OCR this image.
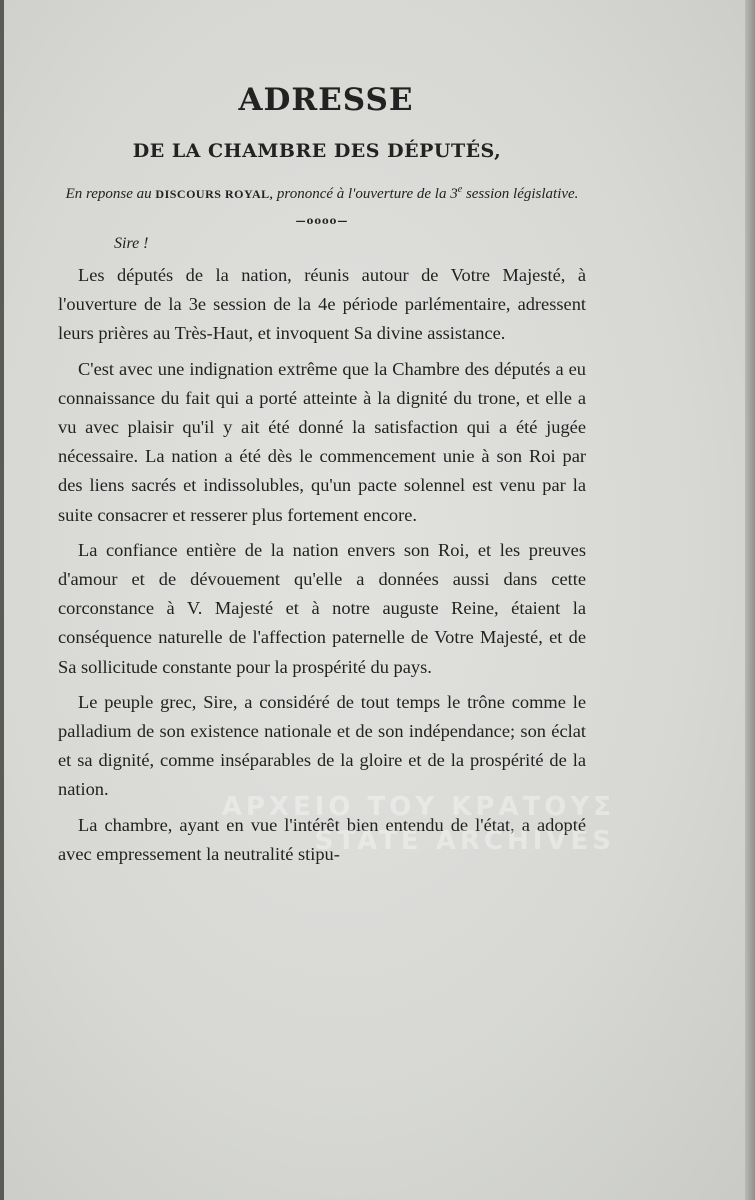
ADRESSE
DE LA CHAMBRE DES DÉPUTÉS,
En reponse au DISCOURS ROYAL, prononcé à l'ouverture de la 3e session législative.
—oooo—
Sire !

Les députés de la nation, réunis autour de Votre Majesté, à l'ouverture de la 3e session de la 4e période parlémentaire, adressent leurs prières au Très-Haut, et invoquent Sa divine assistance.

C'est avec une indignation extrême que la Chambre des députés a eu connaissance du fait qui a porté atteinte à la dignité du trone, et elle a vu avec plaisir qu'il y ait été donné la satisfaction qui a été jugée nécessaire. La nation a été dès le commencement unie à son Roi par des liens sacrés et indissolubles, qu'un pacte solennel est venu par la suite consacrer et resserer plus fortement encore.

La confiance entière de la nation envers son Roi, et les preuves d'amour et de dévouement qu'elle a données aussi dans cette corconstance à V. Majesté et à notre auguste Reine, étaient la conséquence naturelle de l'affection paternelle de Votre Majesté, et de Sa sollicitude constante pour la prospérité du pays.

Le peuple grec, Sire, a considéré de tout temps le trône comme le palladium de son existence nationale et de son indépendance; son éclat et sa dignité, comme inséparables de la gloire et de la prospérité de la nation.

La chambre, ayant en vue l'intérêt bien entendu de l'état, a adopté avec empressement la neutralité stipu-

ΑΡΧΕΙΟ ΤΟΥ ΚΡΑΤΟΥΣ
STATE ARCHIVES
